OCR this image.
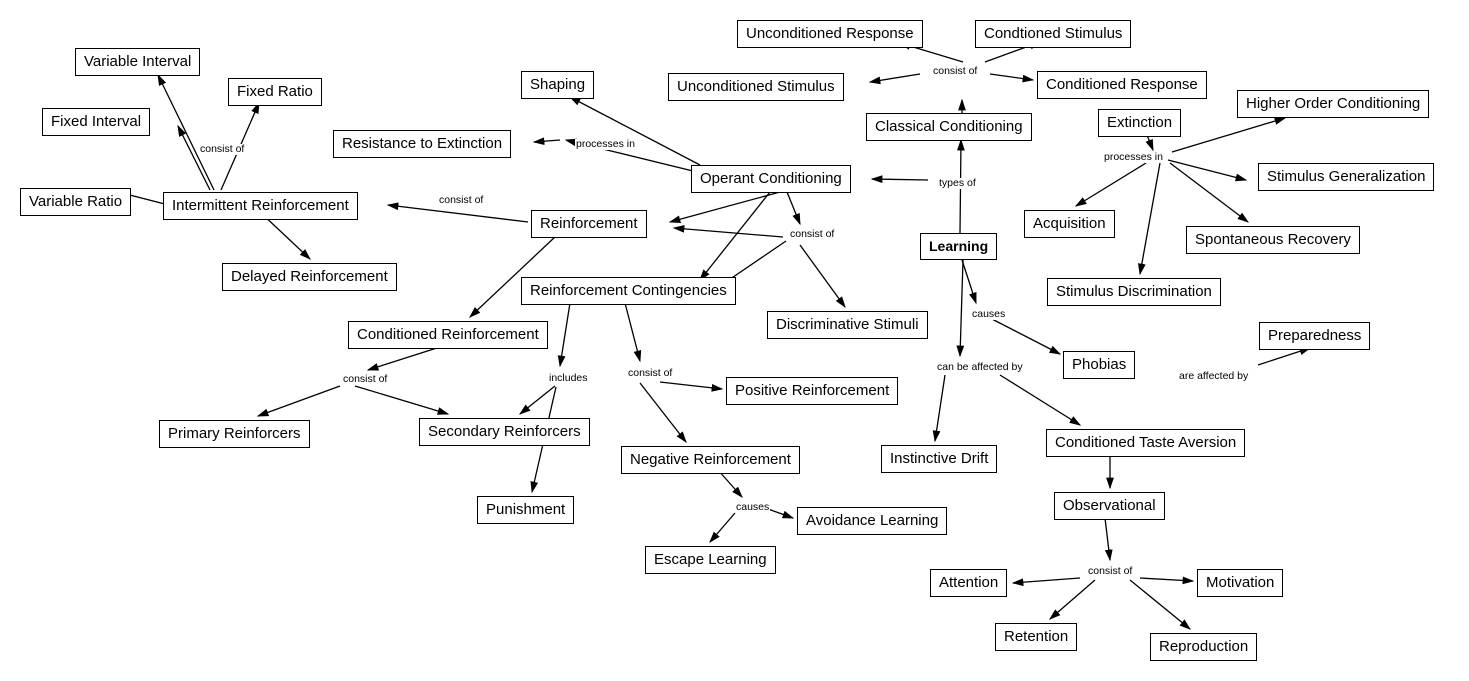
Variable Interval
Fixed Ratio
Fixed Interval
Variable Ratio
Shaping
Unconditioned Response	Condtioned Stimulus
Unconditioned Stimulus	Conditioned Response
Higher Order Conditioning
Resistance to Extinction
Classical Conditioning	Extinction
Stimulus Generalization
Operant Conditioning
Intermittent Reinforcement
Acquisition
Spontaneous Recovery
Reinforcement
Learning
Delayed Reinforcement
Reinforcement Contingencies	Stimulus Discrimination
Discriminative Stimuli
Conditioned Reinforcement	Preparedness
Phobias
Positive Reinforcement
Primary Reinforcers	Secondary Reinforcers
Conditioned Taste Aversion
Instinctive Drift
Negative Reinforcement
Punishment	Observational
Avoidance Learning
Escape Learning
Attention	Motivation
Retention
Reproduction
consist of
consist of
processes in
processes in
types of
consist of
consist of
causes
are affected by
consist of	includes	consist of	can be affected by
causes
consist of
